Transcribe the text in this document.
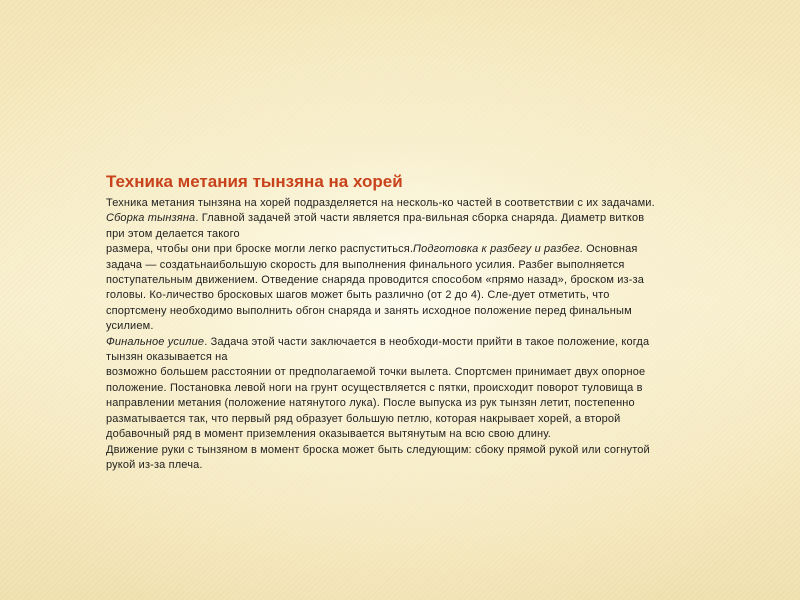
Техника метания тынзяна на хорей
Техника метания тынзяна на хорей подразделяется на несколь-ко частей в соответствии с их задачами.
Сборка тынзяна. Главной задачей этой части является пра-вильная сборка снаряда. Диаметр витков
при этом делается такого
размера, чтобы они при броске могли легко распуститься.Подготовка к разбегу и разбег. Основная
задача — создатьнаибольшую скорость для выполнения финального усилия. Разбег выполняется
поступательным движением. Отведение снаряда проводится способом «прямо назад», броском из-за
головы. Ко-личество бросковых шагов может быть различно (от 2 до 4). Сле-дует отметить, что
спортсмену необходимо выполнить обгон снаряда и занять исходное положение перед финальным
усилием.
Финальное усилие. Задача этой части заключается в необходи-мости прийти в такое положение, когда
тынзян оказывается на
возможно большем расстоянии от предполагаемой точки вылета. Спортсмен принимает двух опорное
положение. Постановка левой ноги на грунт осуществляется с пятки, происходит поворот туловища в
направлении метания (положение натянутого лука). После выпуска из рук тынзян летит, постепенно
разматывается так, что первый ряд образует большую петлю, которая накрывает хорей, а второй
добавочный ряд в момент приземления оказывается вытянутым на всю свою длину.
Движение руки с тынзяном в момент броска может быть следующим: сбоку прямой рукой или согнутой
рукой из-за плеча.
